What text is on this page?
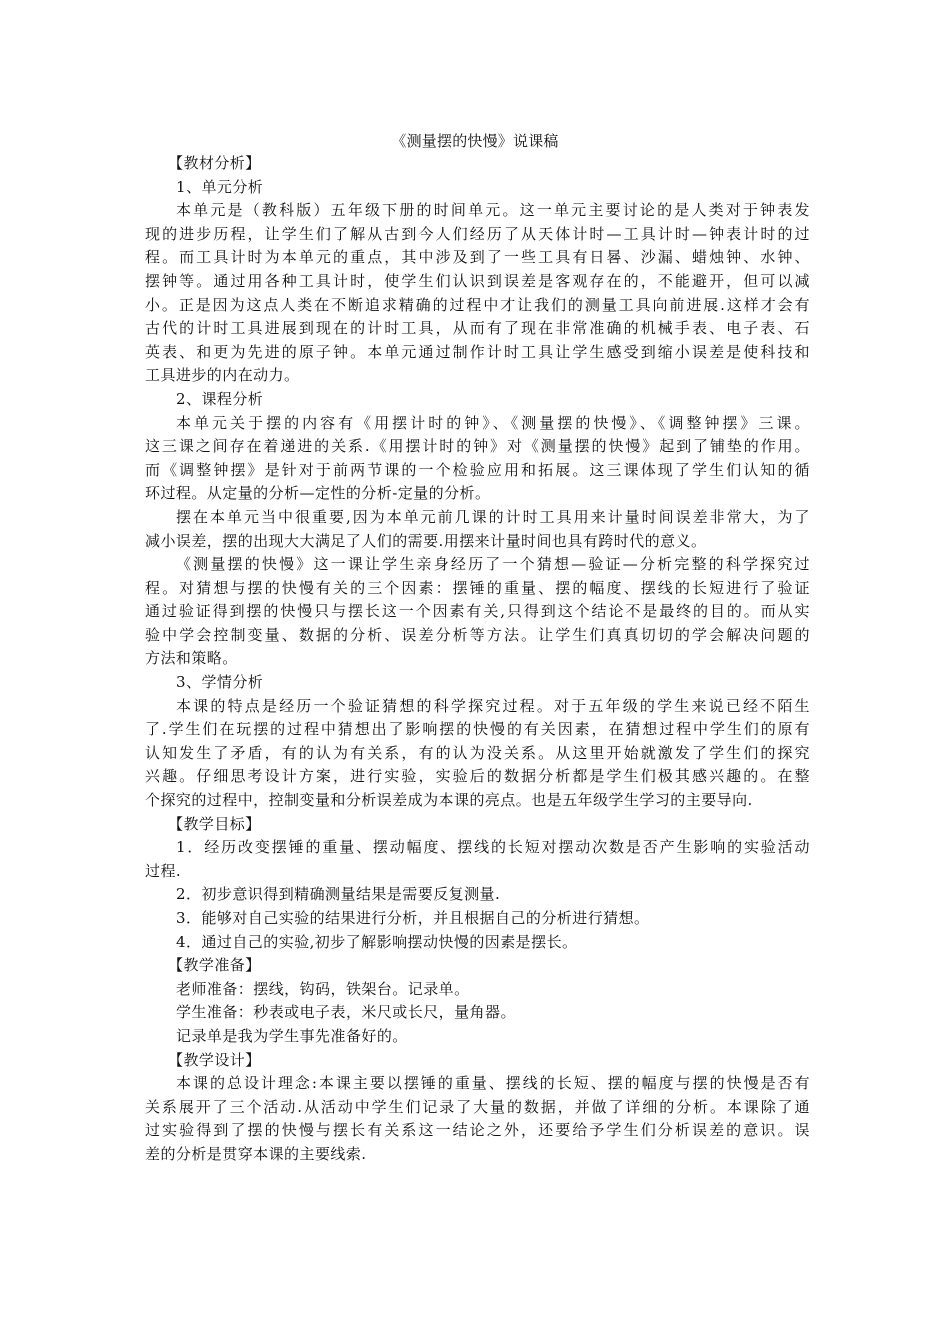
《测量摆的快慢》说课稿
【教材分析】
1、单元分析
本单元是（教科版）五年级下册的时间单元。这一单元主要讨论的是人类对于钟表发
现的进步历程，让学生们了解从古到今人们经历了从天体计时—工具计时—钟表计时的过
程。而工具计时为本单元的重点，其中涉及到了一些工具有日晷、沙漏、蜡烛钟、水钟、
摆钟等。通过用各种工具计时，使学生们认识到误差是客观存在的，不能避开，但可以减
小。正是因为这点人类在不断追求精确的过程中才让我们的测量工具向前进展.这样才会有
古代的计时工具进展到现在的计时工具，从而有了现在非常准确的机械手表、电子表、石
英表、和更为先进的原子钟。本单元通过制作计时工具让学生感受到缩小误差是使科技和
工具进步的内在动力。
2、课程分析
本单元关于摆的内容有《用摆计时的钟》、《测量摆的快慢》、《调整钟摆》三课。
这三课之间存在着递进的关系.《用摆计时的钟》对《测量摆的快慢》起到了铺垫的作用。
而《调整钟摆》是针对于前两节课的一个检验应用和拓展。这三课体现了学生们认知的循
环过程。从定量的分析—定性的分析-定量的分析。
摆在本单元当中很重要,因为本单元前几课的计时工具用来计量时间误差非常大，为了
减小误差，摆的出现大大满足了人们的需要.用摆来计量时间也具有跨时代的意义。
《测量摆的快慢》这一课让学生亲身经历了一个猜想—验证—分析完整的科学探究过
程。对猜想与摆的快慢有关的三个因素：摆锤的重量、摆的幅度、摆线的长短进行了验证
通过验证得到摆的快慢只与摆长这一个因素有关,只得到这个结论不是最终的目的。而从实
验中学会控制变量、数据的分析、误差分析等方法。让学生们真真切切的学会解决问题的
方法和策略。
3、学情分析
本课的特点是经历一个验证猜想的科学探究过程。对于五年级的学生来说已经不陌生
了.学生们在玩摆的过程中猜想出了影响摆的快慢的有关因素，在猜想过程中学生们的原有
认知发生了矛盾，有的认为有关系，有的认为没关系。从这里开始就激发了学生们的探究
兴趣。仔细思考设计方案，进行实验，实验后的数据分析都是学生们极其感兴趣的。在整
个探究的过程中，控制变量和分析误差成为本课的亮点。也是五年级学生学习的主要导向.
【教学目标】
1．经历改变摆锤的重量、摆动幅度、摆线的长短对摆动次数是否产生影响的实验活动
过程.
2．初步意识得到精确测量结果是需要反复测量.
3．能够对自己实验的结果进行分析，并且根据自己的分析进行猜想。
4．通过自己的实验,初步了解影响摆动快慢的因素是摆长。
【教学准备】
老师准备：摆线，钩码，铁架台。记录单。
学生准备：秒表或电子表，米尺或长尺，量角器。
记录单是我为学生事先准备好的。
【教学设计】
本课的总设计理念:本课主要以摆锤的重量、摆线的长短、摆的幅度与摆的快慢是否有
关系展开了三个活动.从活动中学生们记录了大量的数据，并做了详细的分析。本课除了通
过实验得到了摆的快慢与摆长有关系这一结论之外，还要给予学生们分析误差的意识。误
差的分析是贯穿本课的主要线索.
